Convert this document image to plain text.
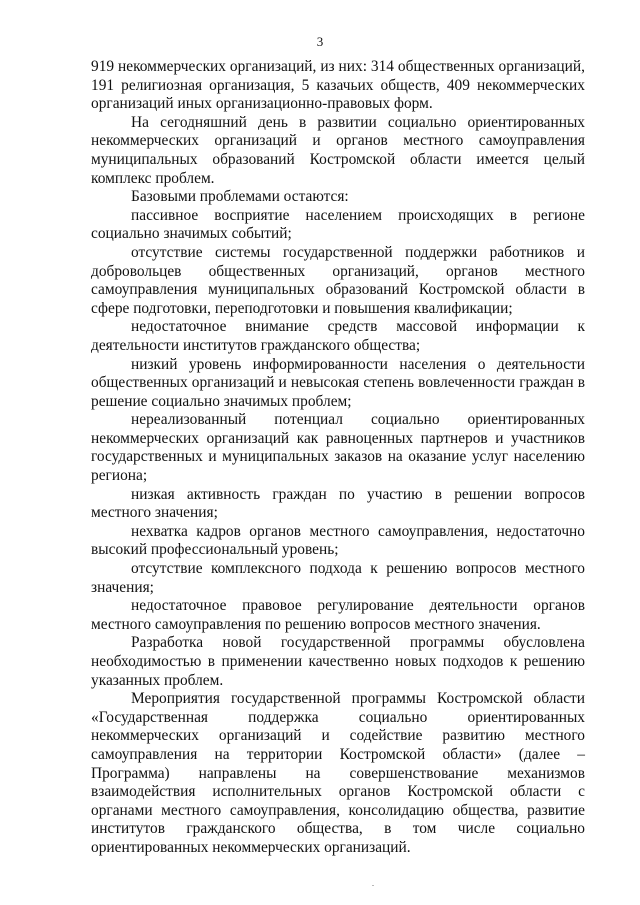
3

919 некоммерческих организаций, из них: 314 общественных организаций, 191 религиозная организация, 5 казачьих обществ, 409 некоммерческих организаций иных организационно-правовых форм.

На сегодняшний день в развитии социально ориентированных некоммерческих организаций и органов местного самоуправления муниципальных образований Костромской области имеется целый комплекс проблем.

Базовыми проблемами остаются:

пассивное восприятие населением происходящих в регионе социально значимых событий;

отсутствие системы государственной поддержки работников и добровольцев общественных организаций, органов местного самоуправления муниципальных образований Костромской области в сфере подготовки, переподготовки и повышения квалификации;

недостаточное внимание средств массовой информации к деятельности институтов гражданского общества;

низкий уровень информированности населения о деятельности общественных организаций и невысокая степень вовлеченности граждан в решение социально значимых проблем;

нереализованный потенциал социально ориентированных некоммерческих организаций как равноценных партнеров и участников государственных и муниципальных заказов на оказание услуг населению региона;

низкая активность граждан по участию в решении вопросов местного значения;

нехватка кадров органов местного самоуправления, недостаточно высокий профессиональный уровень;

отсутствие комплексного подхода к решению вопросов местного значения;

недостаточное правовое регулирование деятельности органов местного самоуправления по решению вопросов местного значения.

Разработка новой государственной программы обусловлена необходимостью в применении качественно новых подходов к решению указанных проблем.

Мероприятия государственной программы Костромской области «Государственная поддержка социально ориентированных некоммерческих организаций и содействие развитию местного самоуправления на территории Костромской области» (далее – Программа) направлены на совершенствование механизмов взаимодействия исполнительных органов Костромской области с органами местного самоуправления, консолидацию общества, развитие институтов гражданского общества, в том числе социально ориентированных некоммерческих организаций.
